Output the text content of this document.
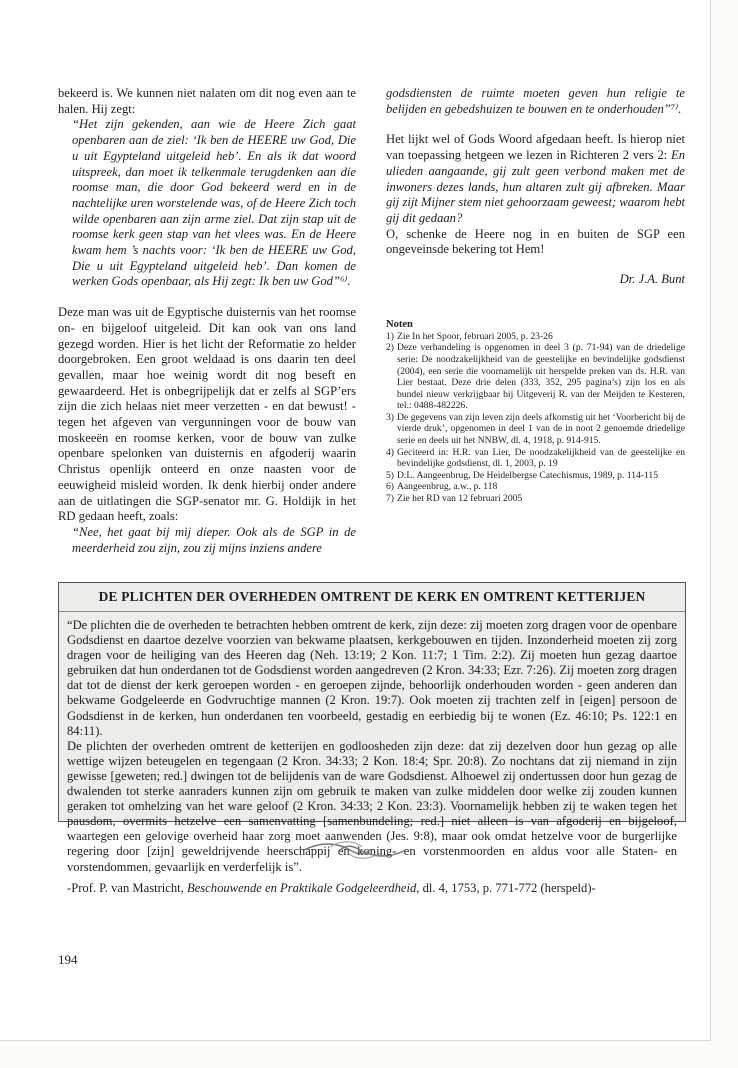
bekeerd is. We kunnen niet nalaten om dit nog even aan te halen. Hij zegt:

“Het zijn gekenden, aan wie de Heere Zich gaat openbaren aan de ziel: ‘Ik ben de HEERE uw God, Die u uit Egypteland uitgeleid heb’. En als ik dat woord uitspreek, dan moet ik telkenmale terugdenken aan die roomse man, die door God bekeerd werd en in de nachtelijke uren worstelende was, of de Heere Zich toch wilde openbaren aan zijn arme ziel. Dat zijn stap uit de roomse kerk geen stap van het vlees was. En de Heere kwam hem ’s nachts voor: ‘Ik ben de HEERE uw God, Die u uit Egypteland uitgeleid heb’. Dan komen de werken Gods openbaar, als Hij zegt: Ik ben uw God”⁶⁾.

Deze man was uit de Egyptische duisternis van het roomse on- en bijgeloof uitgeleid. Dit kan ook van ons land gezegd worden. Hier is het licht der Reformatie zo helder doorgebroken. Een groot weldaad is ons daarin ten deel gevallen, maar hoe weinig wordt dit nog beseft en gewaardeerd. Het is onbegrijpelijk dat er zelfs al SGP’ers zijn die zich helaas niet meer verzetten - en dat bewust! - tegen het afgeven van vergunningen voor de bouw van moskeeën en roomse kerken, voor de bouw van zulke openbare spelonken van duisternis en afgoderij waarin Christus openlijk onteerd en onze naasten voor de eeuwigheid misleid worden. Ik denk hierbij onder andere aan de uitlatingen die SGP-senator mr. G. Holdijk in het RD gedaan heeft, zoals:

“Nee, het gaat bij mij dieper. Ook als de SGP in de meerderheid zou zijn, zou zij mijns inziens andere

godsdiensten de ruimte moeten geven hun religie te belijden en gebedshuizen te bouwen en te onderhouden”⁷⁾.

Het lijkt wel of Gods Woord afgedaan heeft. Is hierop niet van toepassing hetgeen we lezen in Richteren 2 vers 2: En ulieden aangaande, gij zult geen verbond maken met de inwoners dezes lands, hun altaren zult gij afbreken. Maar gij zijt Mijner stem niet gehoorzaam geweest; waarom hebt gij dit gedaan?

O, schenke de Heere nog in en buiten de SGP een ongeveinsde bekering tot Hem!

Dr. J.A. Bunt

Noten

1) Zie In het Spoor, februari 2005, p. 23-26
2) Deze verhandeling is opgenomen in deel 3 (p. 71-94) van de driedelige serie: De noodzakelijkheid van de geestelijke en bevindelijke godsdienst (2004), een serie die voornamelijk uit herspelde preken van ds. H.R. van Lier bestaat. Deze drie delen (333, 352, 295 pagina’s) zijn los en als bundel nieuw verkrijgbaar bij Uitgeverij R. van der Meijden te Kesteren, tel.: 0488-482226.
3) De gegevens van zijn leven zijn deels afkomstig uit het ‘Voorbericht bij de vierde druk’, opgenomen in deel 1 van de in noot 2 genoemde driedelige serie en deels uit het NNBW, dl. 4, 1918, p. 914-915.
4) Geciteerd in: H.R. van Lier, De noodzakelijkheid van de geestelijke en bevindelijke godsdienst, dl. 1, 2003, p. 19
5) D.L. Aangeenbrug, De Heidelbergse Catechismus, 1989, p. 114-115
6) Aangeenbrug, a.w., p. 118
7) Zie het RD van 12 februari 2005
DE PLICHTEN DER OVERHEDEN OMTRENT DE KERK EN OMTRENT KETTERIJEN

“De plichten die de overheden te betrachten hebben omtrent de kerk, zijn deze: zij moeten zorg dragen voor de openbare Godsdienst en daartoe dezelve voorzien van bekwame plaatsen, kerkgebouwen en tijden. Inzonderheid moeten zij zorg dragen voor de heiliging van des Heeren dag (Neh. 13:19; 2 Kon. 11:7; 1 Tim. 2:2). Zij moeten hun gezag daartoe gebruiken dat hun onderdanen tot de Godsdienst worden aangedreven (2 Kron. 34:33; Ezr. 7:26). Zij moeten zorg dragen dat tot de dienst der kerk geroepen worden - en geroepen zijnde, behoorlijk onderhouden worden - geen anderen dan bekwame Godgeleerde en Godvruchtige mannen (2 Kron. 19:7). Ook moeten zij trachten zelf in [eigen] persoon de Godsdienst in de kerken, hun onderdanen ten voorbeeld, gestadig en eerbiedig bij te wonen (Ez. 46:10; Ps. 122:1 en 84:11).

De plichten der overheden omtrent de ketterijen en godloosheden zijn deze: dat zij dezelven door hun gezag op alle wettige wijzen beteugelen en tegengaan (2 Kron. 34:33; 2 Kon. 18:4; Spr. 20:8). Zo nochtans dat zij niemand in zijn gewisse [geweten; red.] dwingen tot de belijdenis van de ware Godsdienst. Alhoewel zij ondertussen door hun gezag de dwalenden tot sterke aanraders kunnen zijn om gebruik te maken van zulke middelen door welke zij zouden kunnen geraken tot omhelzing van het ware geloof (2 Kron. 34:33; 2 Kon. 23:3). Voornamelijk hebben zij te waken tegen het pausdom, overmits hetzelve een samenvatting [samenbundeling; red.] niet alleen is van afgoderij en bijgeloof, waartegen een gelovige overheid haar zorg moet aanwenden (Jes. 9:8), maar ook omdat hetzelve voor de burgerlijke regering door [zijn] geweldrijvende heerschappij en koning- en vorstenmoorden en aldus voor alle Staten- en vorstendommen, gevaarlijk en verderfelijk is”.

-Prof. P. van Mastricht, Beschouwende en Praktikale Godgeleerdheid, dl. 4, 1753, p. 771-772 (herspeld)-

194
